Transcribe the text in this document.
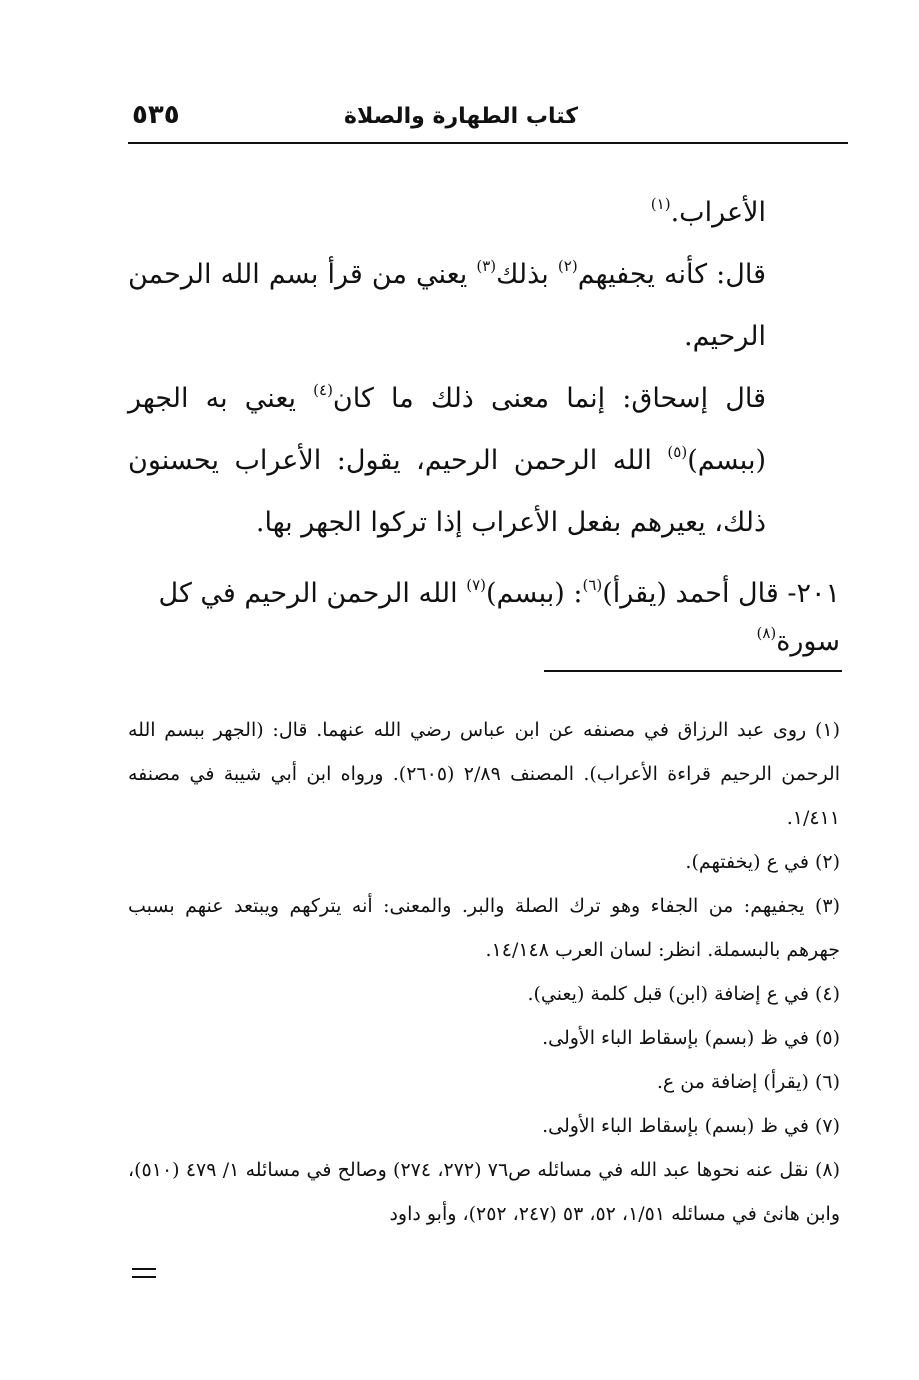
كتاب الطهارة والصلاة
٥٣٥

الأعراب.$^{(١)}$

قال: كأنه يجفيهم$^{(٢)}$ بذلك$^{(٣)}$ يعني من قرأ بسم الله الرحمن الرحيم.

قال إسحاق: إنما معنى ذلك ما كان$^{(٤)}$ يعني به الجهر (ببسم)$^{(٥)}$ الله الرحمن الرحيم، يقول: الأعراب يحسنون ذلك، يعيرهم بفعل الأعراب إذا تركوا الجهر بها.

٢٠١- قال أحمد (يقرأ)$^{(٦)}$: (ببسم)$^{(٧)}$ الله الرحمن الرحيم في كل سورة$^{(٨)}$

(١) روى عبد الرزاق في مصنفه عن ابن عباس رضي الله عنهما. قال: (الجهر ببسم الله الرحمن الرحيم قراءة الأعراب). المصنف ٢/٨٩ (٢٦٠٥). ورواه ابن أبي شيبة في مصنفه ١/٤١١.

(٢) في ع (يخفتهم).

(٣) يجفيهم: من الجفاء وهو ترك الصلة والبر. والمعنى: أنه يتركهم ويبتعد عنهم بسبب جهرهم بالبسملة. انظر: لسان العرب ١٤/١٤٨.

(٤) في ع إضافة (ابن) قبل كلمة (يعني).

(٥) في ظ (بسم) بإسقاط الباء الأولى.

(٦) (يقرأ) إضافة من ع.

(٧) في ظ (بسم) بإسقاط الباء الأولى.

(٨) نقل عنه نحوها عبد الله في مسائله ص٧٦ (٢٧٢، ٢٧٤) وصالح في مسائله ١/ ٤٧٩ (٥١٠)، وابن هانئ في مسائله ١/٥١، ٥٢، ٥٣ (٢٤٧، ٢٥٢)، وأبو داود
